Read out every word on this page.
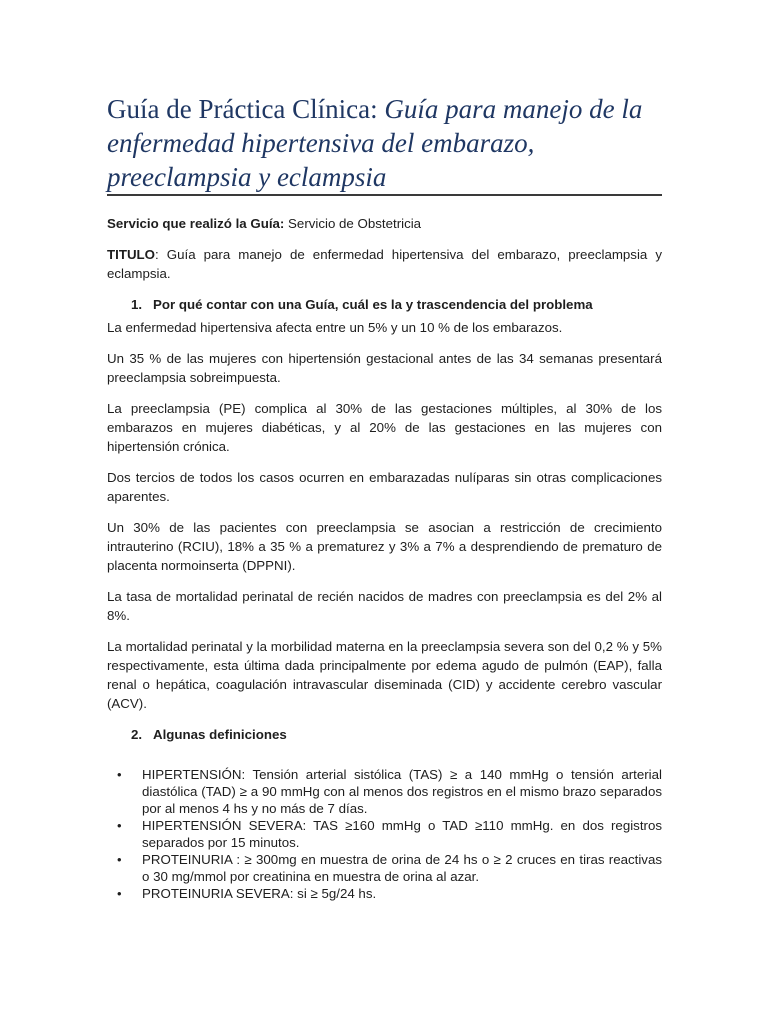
Guía de Práctica Clínica: Guía para manejo de la enfermedad hipertensiva del embarazo, preeclampsia y eclampsia

Servicio que realizó la Guía: Servicio de Obstetricia

TITULO: Guía para manejo de enfermedad hipertensiva del embarazo, preeclampsia y eclampsia.

1. Por qué contar con una Guía, cuál es la y trascendencia del problema

La enfermedad hipertensiva afecta entre un 5% y un 10 % de los embarazos.

Un 35 % de las mujeres con hipertensión gestacional antes de las 34 semanas presentará preeclampsia sobreimpuesta.

La preeclampsia (PE) complica al 30% de las gestaciones múltiples, al 30% de los embarazos en mujeres diabéticas, y al 20% de las gestaciones en las mujeres con hipertensión crónica.

Dos tercios de todos los casos ocurren en embarazadas nulíparas sin otras complicaciones aparentes.

Un 30% de las pacientes con preeclampsia se asocian a restricción de crecimiento intrauterino (RCIU), 18% a 35 % a prematurez y 3% a 7% a desprendiendo de prematuro de placenta normoinserta (DPPNI).

La tasa de mortalidad perinatal de recién nacidos de madres con preeclampsia es del 2% al 8%.

La mortalidad perinatal y la morbilidad materna en la preeclampsia severa son del 0,2 % y 5% respectivamente, esta última dada principalmente por edema agudo de pulmón (EAP), falla renal o hepática, coagulación intravascular diseminada (CID) y accidente cerebro vascular (ACV).

2. Algunas definiciones
• HIPERTENSIÓN: Tensión arterial sistólica (TAS) ≥ a 140 mmHg o tensión arterial diastólica (TAD) ≥ a 90 mmHg con al menos dos registros en el mismo brazo separados por al menos 4 hs y no más de 7 días.
• HIPERTENSIÓN SEVERA: TAS ≥160 mmHg o TAD ≥110 mmHg. en dos registros separados por 15 minutos.
• PROTEINURIA : ≥ 300mg en muestra de orina de 24 hs o ≥ 2 cruces en tiras reactivas o 30 mg/mmol por creatinina en muestra de orina al azar.
• PROTEINURIA SEVERA: si ≥ 5g/24 hs.
